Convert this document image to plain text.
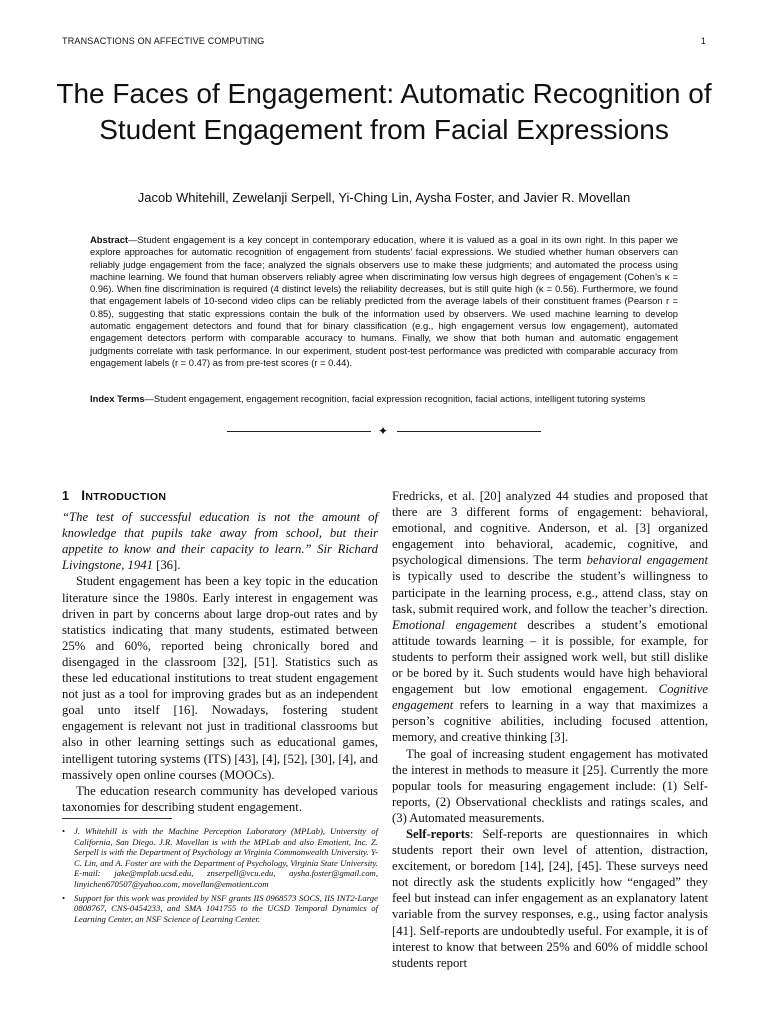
TRANSACTIONS ON AFFECTIVE COMPUTING	1
The Faces of Engagement: Automatic Recognition of Student Engagement from Facial Expressions
Jacob Whitehill, Zewelanji Serpell, Yi-Ching Lin, Aysha Foster, and Javier R. Movellan

Abstract—Student engagement is a key concept in contemporary education, where it is valued as a goal in its own right. In this paper we explore approaches for automatic recognition of engagement from students’ facial expressions. We studied whether human observers can reliably judge engagement from the face; analyzed the signals observers use to make these judgments; and automated the process using machine learning. We found that human observers reliably agree when discriminating low versus high degrees of engagement (Cohen’s κ = 0.96). When fine discrimination is required (4 distinct levels) the reliability decreases, but is still quite high (κ = 0.56). Furthermore, we found that engagement labels of 10-second video clips can be reliably predicted from the average labels of their constituent frames (Pearson r = 0.85), suggesting that static expressions contain the bulk of the information used by observers. We used machine learning to develop automatic engagement detectors and found that for binary classification (e.g., high engagement versus low engagement), automated engagement detectors perform with comparable accuracy to humans. Finally, we show that both human and automatic engagement judgments correlate with task performance. In our experiment, student post-test performance was predicted with comparable accuracy from engagement labels (r = 0.47) as from pre-test scores (r = 0.44).

Index Terms—Student engagement, engagement recognition, facial expression recognition, facial actions, intelligent tutoring systems

✦
1 INTRODUCTION

“The test of successful education is not the amount of knowledge that pupils take away from school, but their appetite to know and their capacity to learn.” Sir Richard Livingstone, 1941 [36].

Student engagement has been a key topic in the education literature since the 1980s. Early interest in engagement was driven in part by concerns about large drop-out rates and by statistics indicating that many students, estimated between 25% and 60%, reported being chronically bored and disengaged in the classroom [32], [51]. Statistics such as these led educational institutions to treat student engagement not just as a tool for improving grades but as an independent goal unto itself [16]. Nowadays, fostering student engagement is relevant not just in traditional classrooms but also in other learning settings such as educational games, intelligent tutoring systems (ITS) [43], [4], [52], [30], [4], and massively open online courses (MOOCs).

The education research community has developed various taxonomies for describing student engagement.

• J. Whitehill is with the Machine Perception Laboratory (MPLab), University of California, San Diego. J.R. Movellan is with the MPLab and also Emotient, Inc. Z. Serpell is with the Department of Psychology at Virginia Commonwealth University. Y-C. Lin, and A. Foster are with the Department of Psychology, Virginia State University. E-mail: jake@mplab.ucsd.edu, znserpell@vcu.edu, aysha.foster@gmail.com, linyichen670507@yahoo.com, movellan@emotient.com

• Support for this work was provided by NSF grants IIS 0968573 SOCS, IIS INT2-Large 0808767, CNS-0454233, and SMA 1041755 to the UCSD Temporal Dynamics of Learning Center, an NSF Science of Learning Center.

Fredricks, et al. [20] analyzed 44 studies and proposed that there are 3 different forms of engagement: behavioral, emotional, and cognitive. Anderson, et al. [3] organized engagement into behavioral, academic, cognitive, and psychological dimensions. The term behavioral engagement is typically used to describe the student’s willingness to participate in the learning process, e.g., attend class, stay on task, submit required work, and follow the teacher’s direction. Emotional engagement describes a student’s emotional attitude towards learning – it is possible, for example, for students to perform their assigned work well, but still dislike or be bored by it. Such students would have high behavioral engagement but low emotional engagement. Cognitive engagement refers to learning in a way that maximizes a person’s cognitive abilities, including focused attention, memory, and creative thinking [3].

The goal of increasing student engagement has motivated the interest in methods to measure it [25]. Currently the more popular tools for measuring engagement include: (1) Self-reports, (2) Observational checklists and ratings scales, and (3) Automated measurements.

Self-reports: Self-reports are questionnaires in which students report their own level of attention, distraction, excitement, or boredom [14], [24], [45]. These surveys need not directly ask the students explicitly how “engaged” they feel but instead can infer engagement as an explanatory latent variable from the survey responses, e.g., using factor analysis [41]. Self-reports are undoubtedly useful. For example, it is of interest to know that between 25% and 60% of middle school students report
